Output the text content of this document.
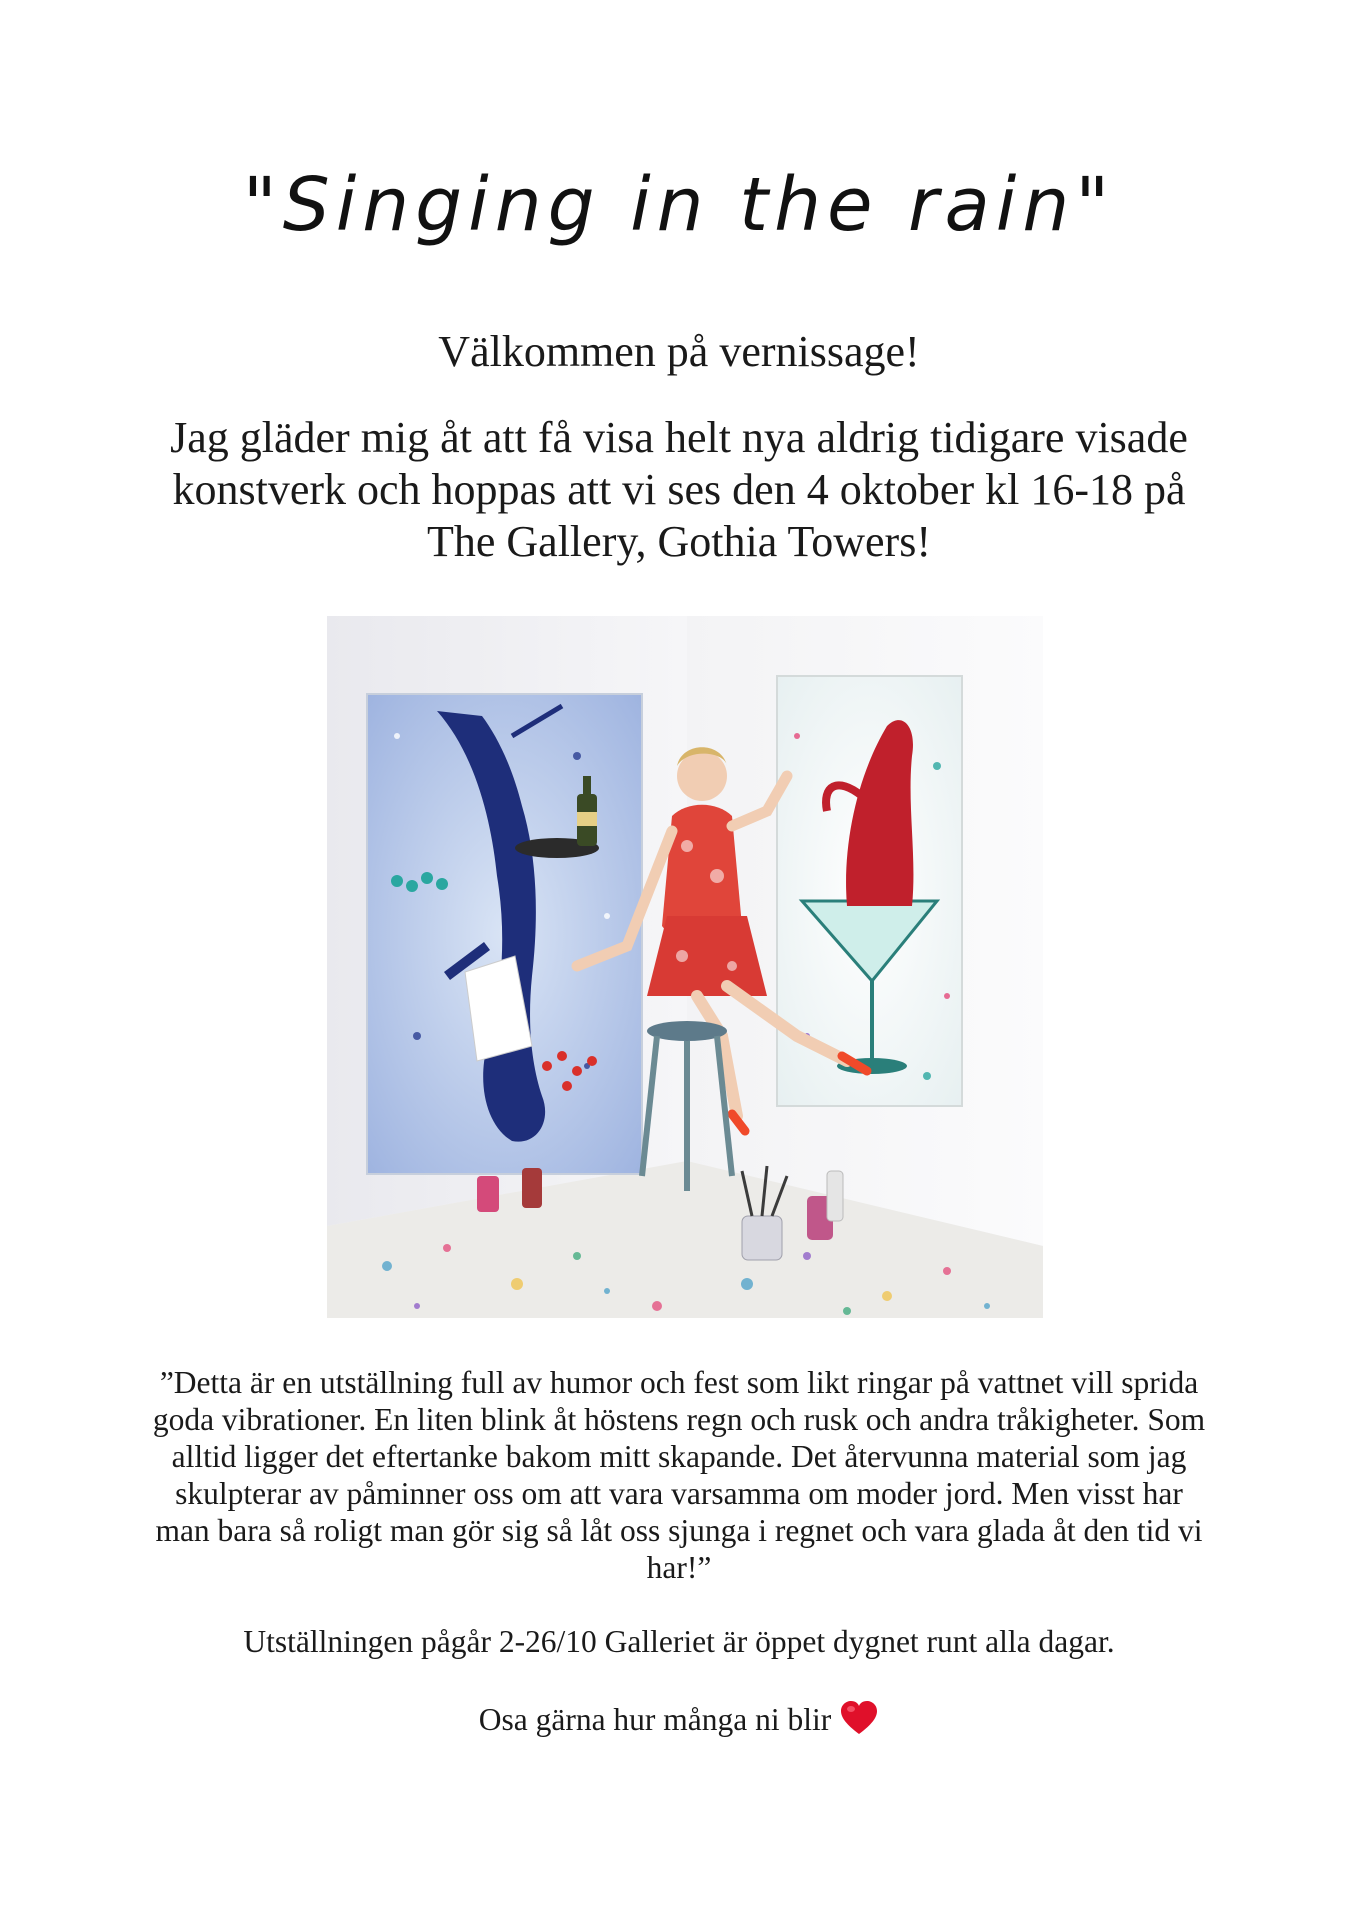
"Singing in the rain"
Välkommen på vernissage!
Jag gläder mig åt att få visa helt nya aldrig tidigare visade konstverk och hoppas att vi ses den 4 oktober kl 16-18 på The Gallery, Gothia Towers!
”Detta är en utställning full av humor och fest som likt ringar på vattnet vill sprida goda vibrationer. En liten blink åt höstens regn och rusk och andra tråkigheter. Som alltid ligger det eftertanke bakom mitt skapande. Det återvunna material som jag skulpterar av påminner oss om att vara varsamma om moder jord. Men visst har man bara så roligt man gör sig så låt oss sjunga i regnet och vara glada åt den tid vi har!”
Utställningen pågår 2-26/10 Galleriet är öppet dygnet runt alla dagar.
Osa gärna hur många ni blir
